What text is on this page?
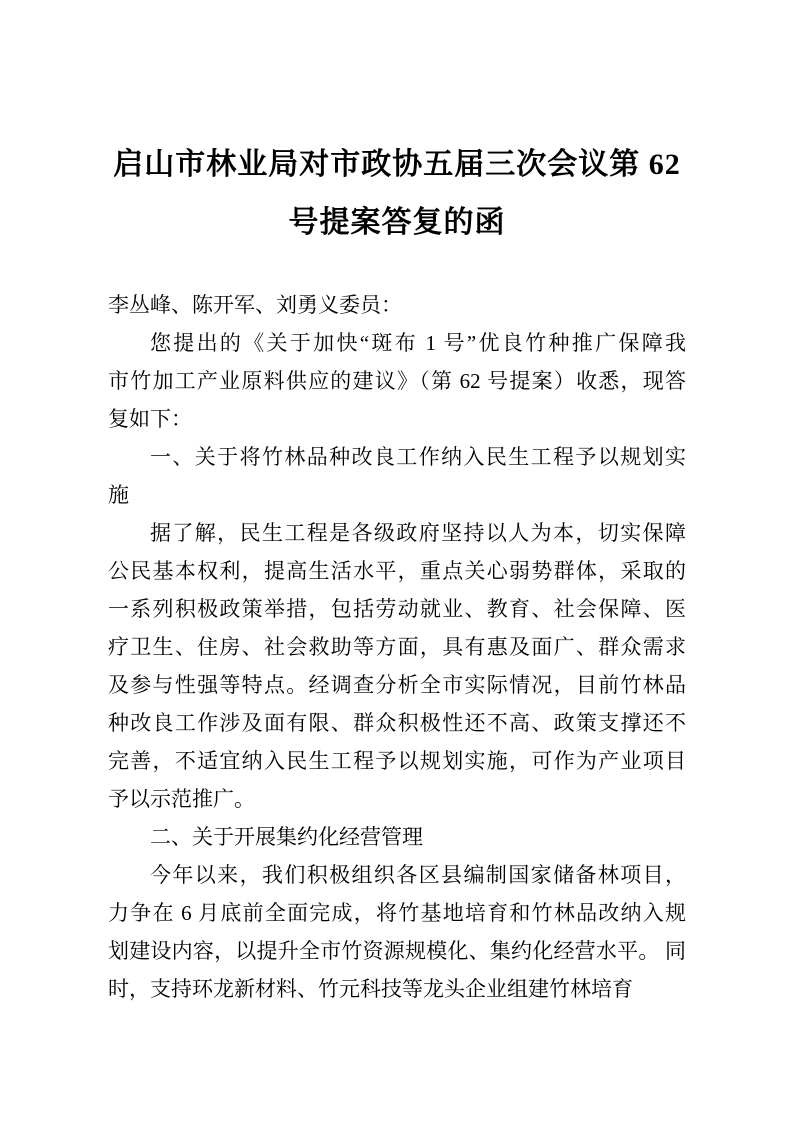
启山市林业局对市政协五届三次会议第 62
号提案答复的函
李丛峰、陈开军、刘勇义委员：
您提出的《关于加快“斑布 1 号”优良竹种推广保障我
市竹加工产业原料供应的建议》（第 62 号提案）收悉，现答
复如下：
一、关于将竹林品种改良工作纳入民生工程予以规划实
施
据了解，民生工程是各级政府坚持以人为本，切实保障
公民基本权利，提高生活水平，重点关心弱势群体，采取的
一系列积极政策举措，包括劳动就业、教育、社会保障、医
疗卫生、住房、社会救助等方面，具有惠及面广、群众需求
及参与性强等特点。经调查分析全市实际情况，目前竹林品
种改良工作涉及面有限、群众积极性还不高、政策支撑还不
完善，不适宜纳入民生工程予以规划实施，可作为产业项目
予以示范推广。
二、关于开展集约化经营管理
今年以来，我们积极组织各区县编制国家储备林项目，
力争在 6 月底前全面完成，将竹基地培育和竹林品改纳入规
划建设内容，以提升全市竹资源规模化、集约化经营水平。 同
时，支持环龙新材料、竹元科技等龙头企业组建竹林培育
